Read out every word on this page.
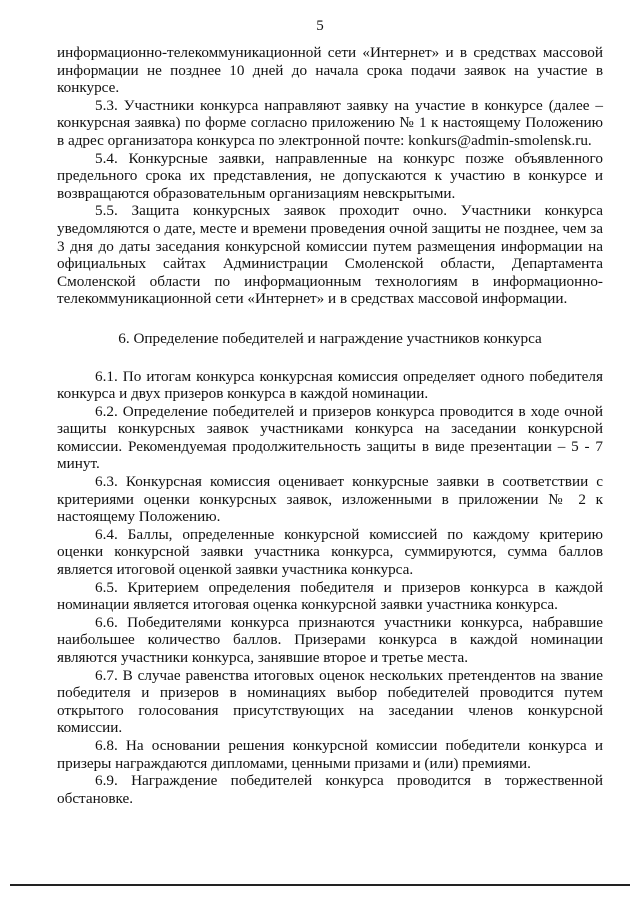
5

информационно-телекоммуникационной сети «Интернет» и в средствах массовой информации не позднее 10 дней до начала срока подачи заявок на участие в конкурсе.

5.3. Участники конкурса направляют заявку на участие в конкурсе (далее – конкурсная заявка) по форме согласно приложению № 1 к настоящему Положению в адрес организатора конкурса по электронной почте: konkurs@admin-smolensk.ru.

5.4. Конкурсные заявки, направленные на конкурс позже объявленного предельного срока их представления, не допускаются к участию в конкурсе и возвращаются образовательным организациям невскрытыми.

5.5. Защита конкурсных заявок проходит очно. Участники конкурса уведомляются о дате, месте и времени проведения очной защиты не позднее, чем за 3 дня до даты заседания конкурсной комиссии путем размещения информации на официальных сайтах Администрации Смоленской области, Департамента Смоленской области по информационным технологиям в информационно-телекоммуникационной сети «Интернет» и в средствах массовой информации.

6. Определение победителей и награждение участников конкурса

6.1. По итогам конкурса конкурсная комиссия определяет одного победителя конкурса и двух призеров конкурса в каждой номинации.

6.2. Определение победителей и призеров конкурса проводится в ходе очной защиты конкурсных заявок участниками конкурса на заседании конкурсной комиссии. Рекомендуемая продолжительность защиты в виде презентации – 5 - 7 минут.

6.3. Конкурсная комиссия оценивает конкурсные заявки в соответствии с критериями оценки конкурсных заявок, изложенными в приложении № 2 к настоящему Положению.

6.4. Баллы, определенные конкурсной комиссией по каждому критерию оценки конкурсной заявки участника конкурса, суммируются, сумма баллов является итоговой оценкой заявки участника конкурса.

6.5. Критерием определения победителя и призеров конкурса в каждой номинации является итоговая оценка конкурсной заявки участника конкурса.

6.6. Победителями конкурса признаются участники конкурса, набравшие наибольшее количество баллов. Призерами конкурса в каждой номинации являются участники конкурса, занявшие второе и третье места.

6.7. В случае равенства итоговых оценок нескольких претендентов на звание победителя и призеров в номинациях выбор победителей проводится путем открытого голосования присутствующих на заседании членов конкурсной комиссии.

6.8. На основании решения конкурсной комиссии победители конкурса и призеры награждаются дипломами, ценными призами и (или) премиями.

6.9. Награждение победителей конкурса проводится в торжественной обстановке.
